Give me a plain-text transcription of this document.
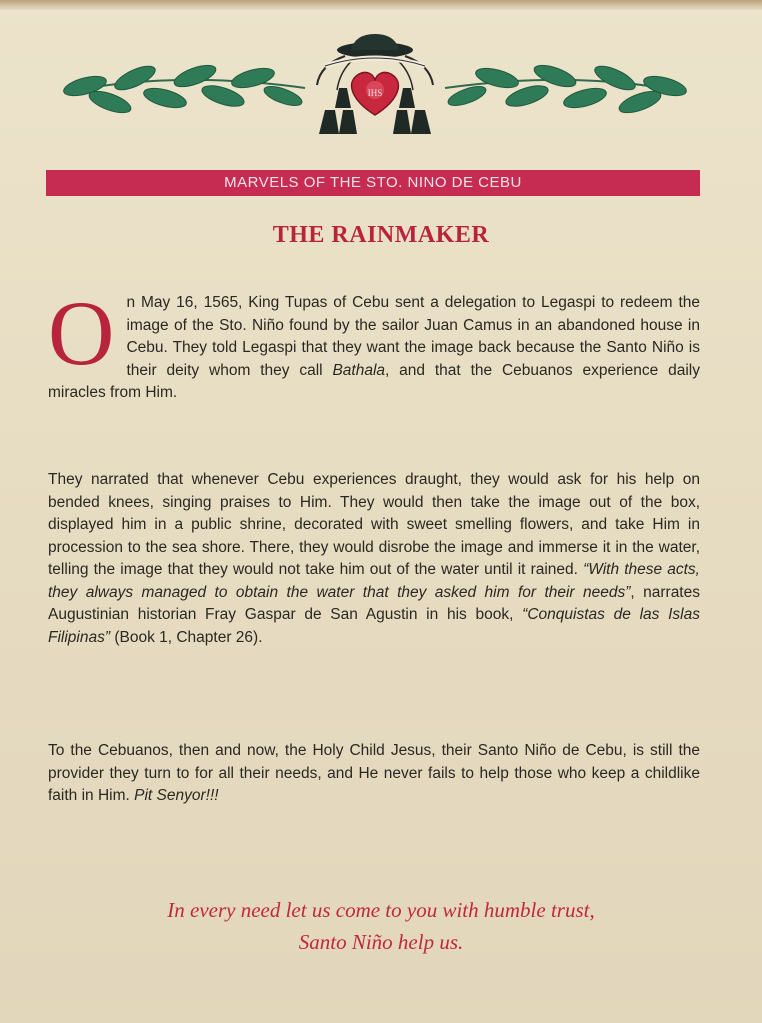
IHS
MARVELS OF THE STO. NINO DE CEBU
THE RAINMAKER
On May 16, 1565, King Tupas of Cebu sent a delegation to Legaspi to redeem the image of the Sto. Niño found by the sailor Juan Camus in an abandoned house in Cebu. They told Legaspi that they want the image back because the Santo Niño is their deity whom they call Bathala, and that the Cebuanos experience daily miracles from Him.
They narrated that whenever Cebu experiences draught, they would ask for his help on bended knees, singing praises to Him. They would then take the image out of the box, displayed him in a public shrine, decorated with sweet smelling flowers, and take Him in procession to the sea shore. There, they would disrobe the image and immerse it in the water, telling the image that they would not take him out of the water until it rained. “With these acts, they always managed to obtain the water that they asked him for their needs”, narrates Augustinian historian Fray Gaspar de San Agustin in his book, “Conquistas de las Islas Filipinas” (Book 1, Chapter 26).
To the Cebuanos, then and now, the Holy Child Jesus, their Santo Niño de Cebu, is still the provider they turn to for all their needs, and He never fails to help those who keep a childlike faith in Him. Pit Senyor!!!
In every need let us come to you with humble trust,
Santo Niño help us.
